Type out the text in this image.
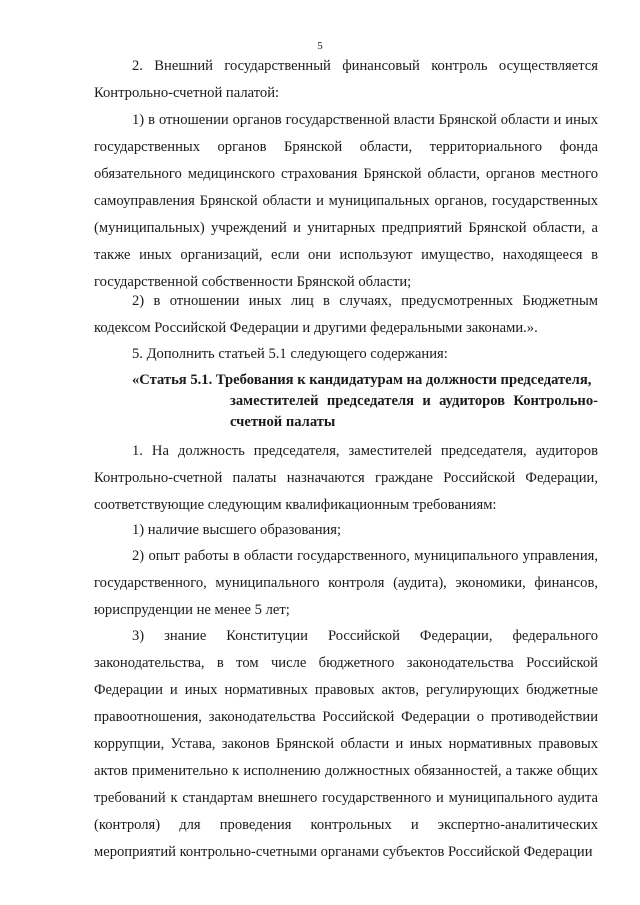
5

2. Внешний государственный финансовый контроль осуществляется Контрольно-счетной палатой:

1) в отношении органов государственной власти Брянской области и иных государственных органов Брянской области, территориального фонда обязательного медицинского страхования Брянской области, органов местного самоуправления Брянской области и муниципальных органов, государственных (муниципальных) учреждений и унитарных предприятий Брянской области, а также иных организаций, если они используют имущество, находящееся в государственной собственности Брянской области;

2) в отношении иных лиц в случаях, предусмотренных Бюджетным кодексом Российской Федерации и другими федеральными законами.».

5. Дополнить статьей 5.1 следующего содержания:

«Статья 5.1. Требования к кандидатурам на должности председателя,
заместителей председателя и аудиторов Контрольно-счетной палаты

1. На должность председателя, заместителей председателя, аудиторов Контрольно-счетной палаты назначаются граждане Российской Федерации, соответствующие следующим квалификационным требованиям:

1) наличие высшего образования;

2) опыт работы в области государственного, муниципального управления, государственного, муниципального контроля (аудита), экономики, финансов, юриспруденции не менее 5 лет;

3) знание Конституции Российской Федерации, федерального законодательства, в том числе бюджетного законодательства Российской Федерации и иных нормативных правовых актов, регулирующих бюджетные правоотношения, законодательства Российской Федерации о противодействии коррупции, Устава, законов Брянской области и иных нормативных правовых актов применительно к исполнению должностных обязанностей, а также общих требований к стандартам внешнего государственного и муниципального аудита (контроля) для проведения контрольных и экспертно-аналитических мероприятий контрольно-счетными органами субъектов Российской Федерации
